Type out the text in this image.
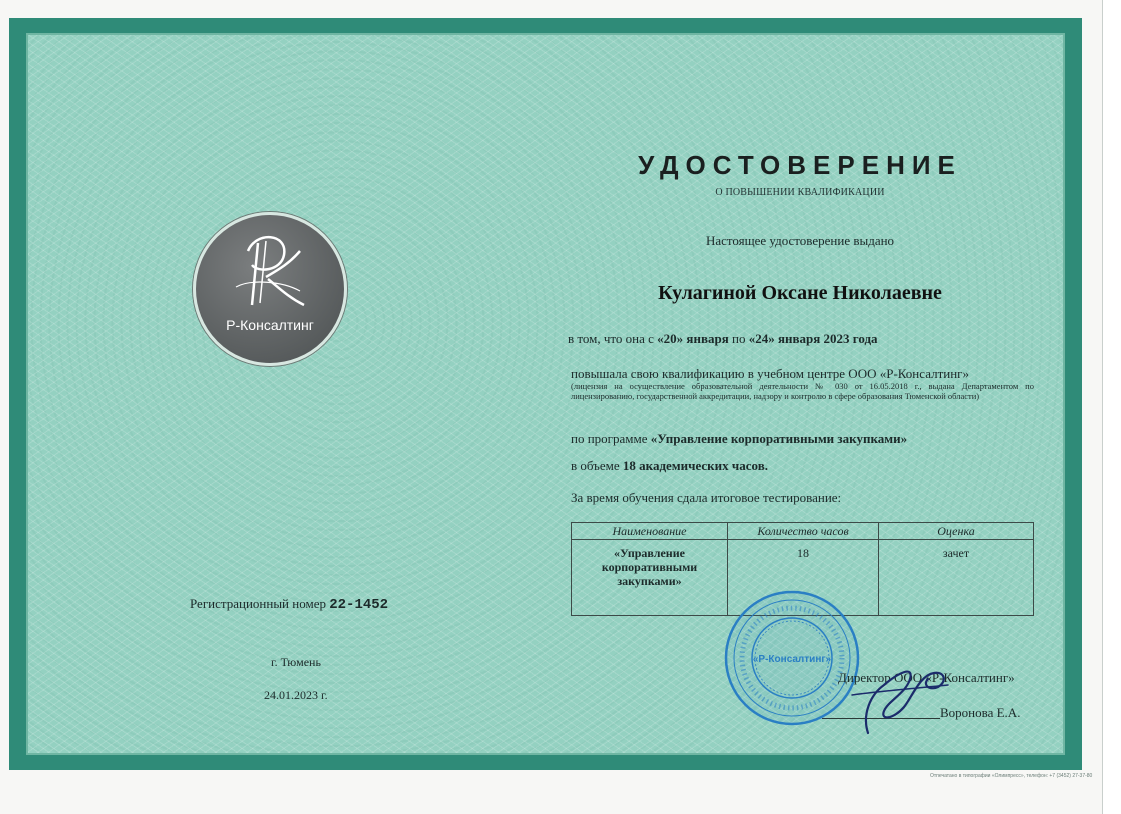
УДОСТОВЕРЕНИЕ
О ПОВЫШЕНИИ КВАЛИФИКАЦИИ
Настоящее удостоверение выдано
Кулагиной Оксане Николаевне
в том, что она с «20» января по «24» января 2023 года
повышала свою квалификацию в учебном центре ООО «Р-Консалтинг»
(лицензия на осуществление образовательной деятельности № 030 от 16.05.2018 г., выдана Департаментом по лицензированию, государственной аккредитации, надзору и контролю в сфере образования Тюменской области)
по программе «Управление корпоративными закупками»
в объеме 18 академических часов.
За время обучения сдала итоговое тестирование:
Наименование	Количество часов	Оценка
«Управление корпоративными закупками»	18	зачет
Р-Консалтинг
Регистрационный номер 22-1452
г. Тюмень
24.01.2023 г.
«Р-Консалтинг»
Директор ООО «Р-Консалтинг»
Воронова Е.А.
Отпечатано в типографии «Олимпресс», телефон: +7 (3452) 27-37-80
